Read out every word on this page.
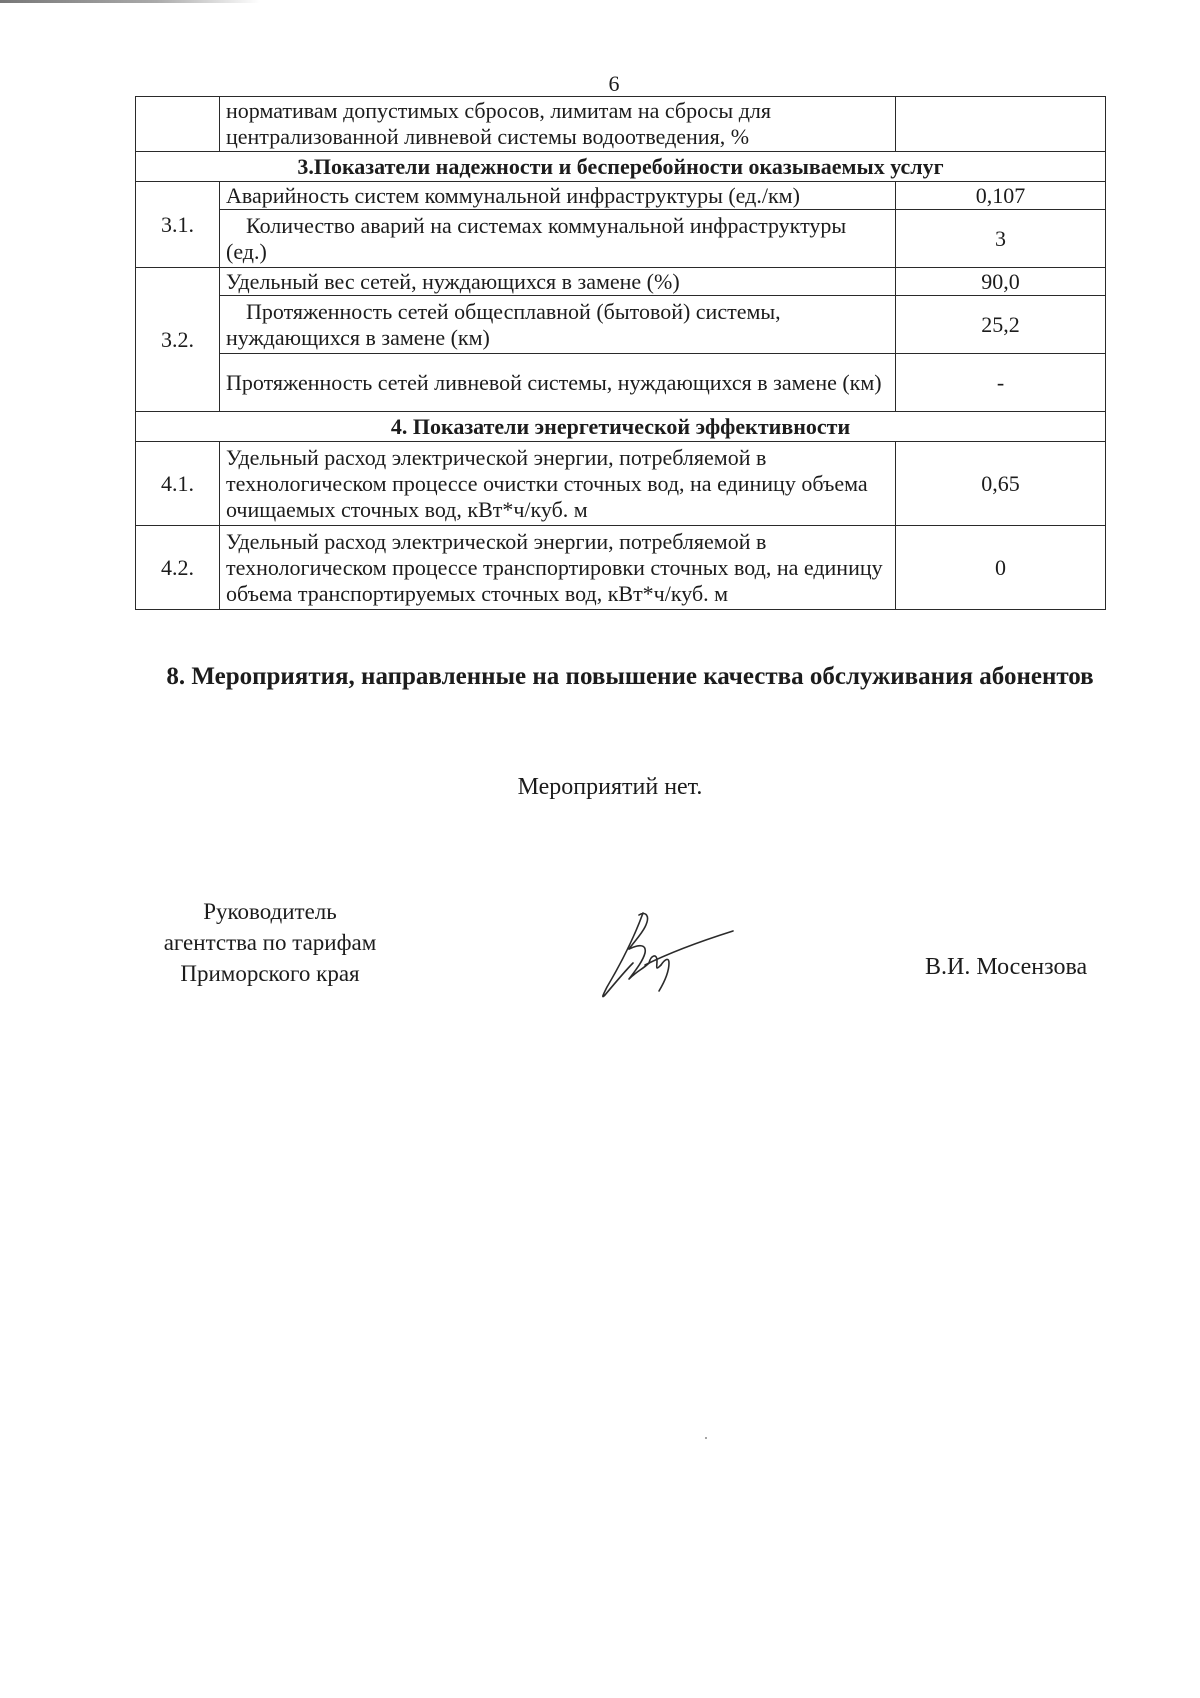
6
	нормативам допустимых сбросов, лимитам на сбросы для централизованной ливневой системы водоотведения, %	
3.Показатели надежности и бесперебойности оказываемых услуг		
3.1.	Аварийность систем коммунальной инфраструктуры (ед./км)	0,107
	Количество аварий на системах коммунальной инфраструктуры (ед.)	3
3.2.	Удельный вес сетей, нуждающихся в замене (%)	90,0
	Протяженность сетей общесплавной (бытовой) системы, нуждающихся в замене (км)	25,2
	Протяженность сетей ливневой системы, нуждающихся в замене (км)	-
4. Показатели энергетической эффективности		
4.1.	Удельный расход электрической энергии, потребляемой в технологическом процессе очистки сточных вод, на единицу объема очищаемых сточных вод, кВт*ч/куб. м	0,65
4.2.	Удельный расход электрической энергии, потребляемой в технологическом процессе транспортировки сточных вод, на единицу объема транспортируемых сточных вод, кВт*ч/куб. м	0
8. Мероприятия, направленные на повышение качества обслуживания абонентов
Мероприятий нет.
Руководитель
агентства по тарифам
Приморского края	В.И. Мосензова
